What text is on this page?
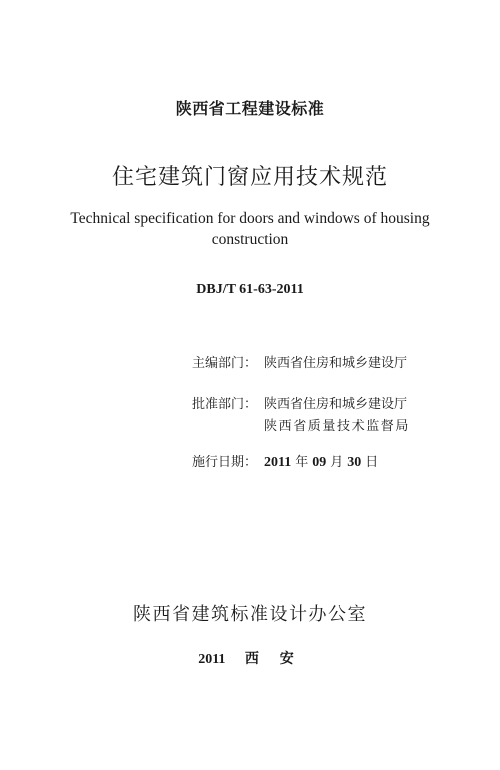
陕西省工程建设标准
住宅建筑门窗应用技术规范
Technical specification for doors and windows of housing
construction
DBJ/T 61-63-2011
主编部门： 陕西省住房和城乡建设厅
批准部门： 陕西省住房和城乡建设厅
陕西省质量技术监督局
施行日期： 2011 年 09 月 30 日
陕西省建筑标准设计办公室
2011 西 安
